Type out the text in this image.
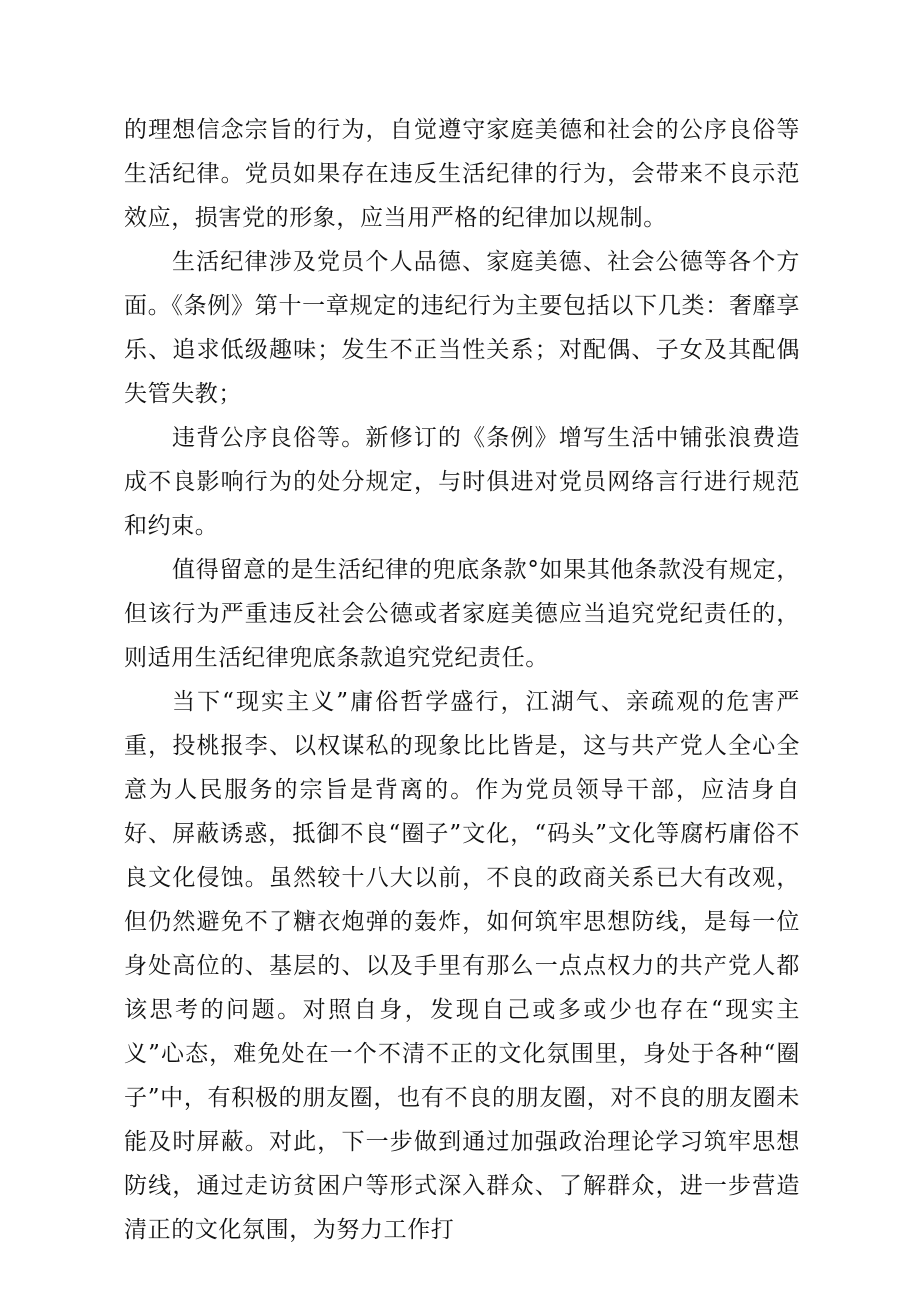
的理想信念宗旨的行为，自觉遵守家庭美德和社会的公序良俗等生活纪律。党员如果存在违反生活纪律的行为，会带来不良示范效应，损害党的形象，应当用严格的纪律加以规制。

生活纪律涉及党员个人品德、家庭美德、社会公德等各个方面。《条例》第十一章规定的违纪行为主要包括以下几类：奢靡享乐、追求低级趣味；发生不正当性关系；对配偶、子女及其配偶失管失教；

违背公序良俗等。新修订的《条例》增写生活中铺张浪费造成不良影响行为的处分规定，与时俱进对党员网络言行进行规范和约束。

值得留意的是生活纪律的兜底条款°如果其他条款没有规定，但该行为严重违反社会公德或者家庭美德应当追究党纪责任的，则适用生活纪律兜底条款追究党纪责任。

当下“现实主义”庸俗哲学盛行，江湖气、亲疏观的危害严重，投桃报李、以权谋私的现象比比皆是，这与共产党人全心全意为人民服务的宗旨是背离的。作为党员领导干部，应洁身自好、屏蔽诱惑，抵御不良“圈子”文化，“码头”文化等腐朽庸俗不良文化侵蚀。虽然较十八大以前，不良的政商关系已大有改观，但仍然避免不了糖衣炮弹的轰炸，如何筑牢思想防线，是每一位身处高位的、基层的、以及手里有那么一点点权力的共产党人都该思考的问题。对照自身，发现自己或多或少也存在“现实主义”心态，难免处在一个不清不正的文化氛围里，身处于各种“圈子”中，有积极的朋友圈，也有不良的朋友圈，对不良的朋友圈未能及时屏蔽。对此，下一步做到通过加强政治理论学习筑牢思想防线，通过走访贫困户等形式深入群众、了解群众，进一步营造清正的文化氛围，为努力工作打
